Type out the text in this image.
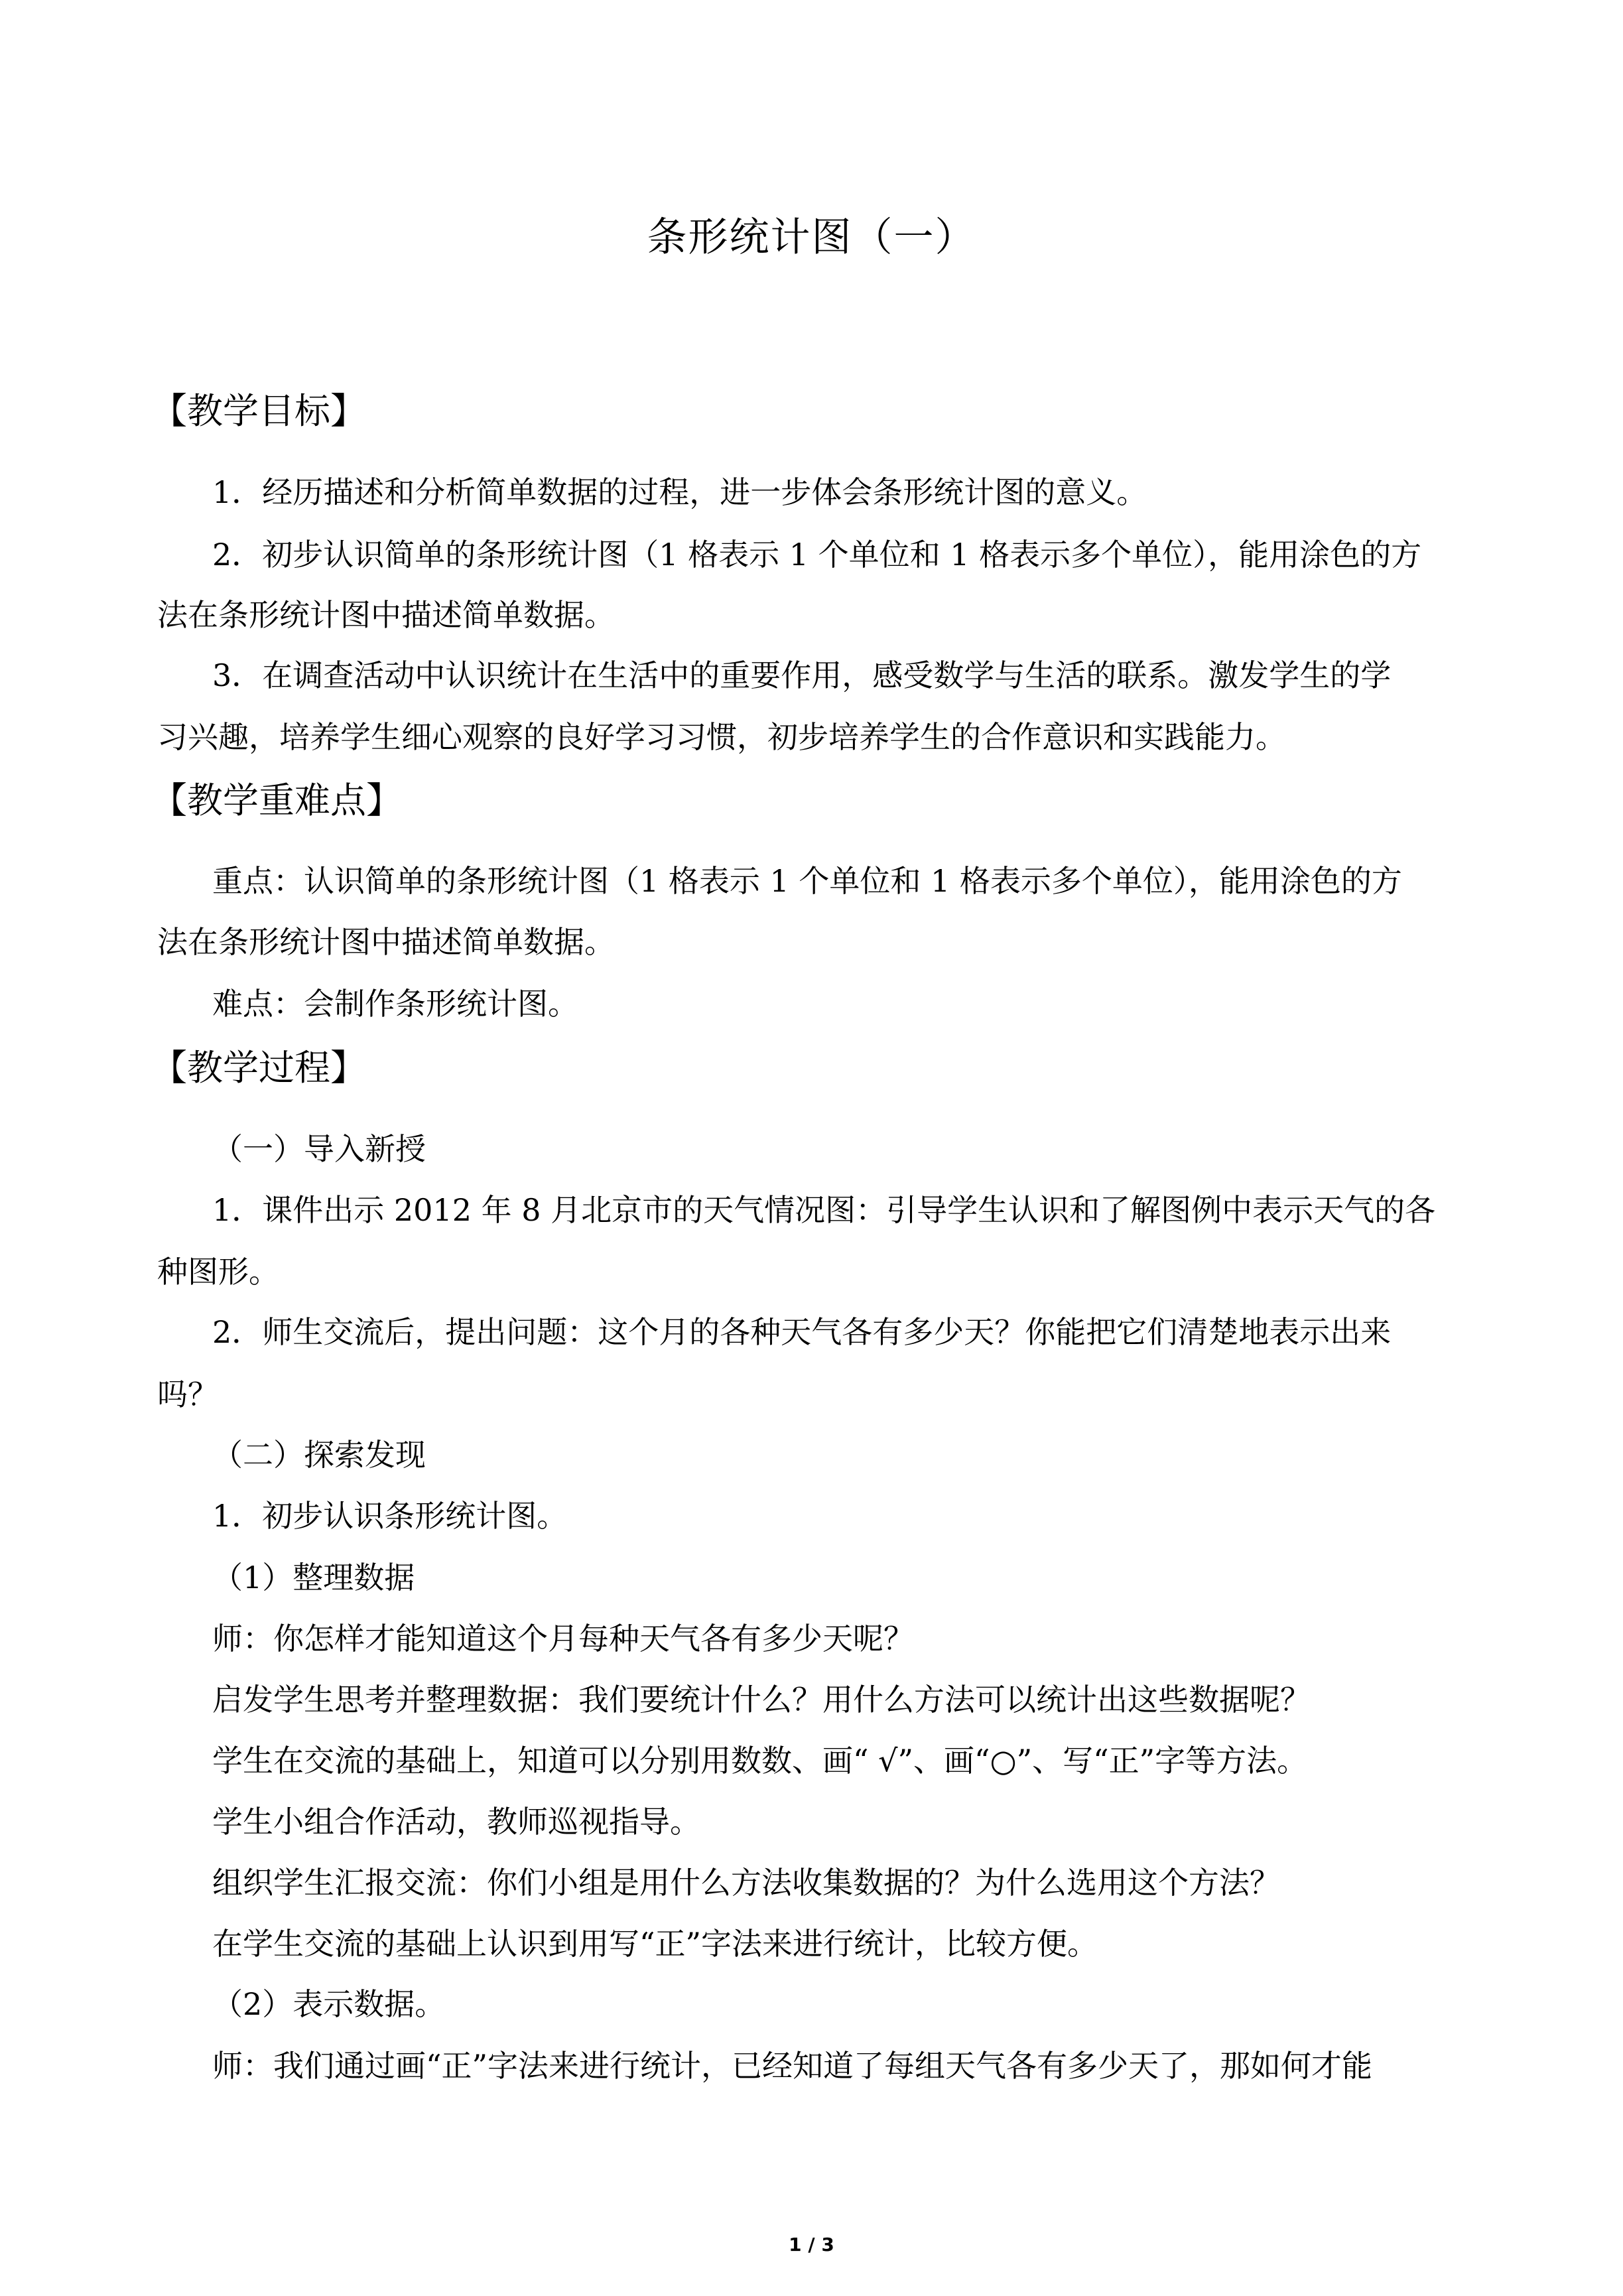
条形统计图（一）
【教学目标】
1．经历描述和分析简单数据的过程，进一步体会条形统计图的意义。
2．初步认识简单的条形统计图（1 格表示 1 个单位和 1 格表示多个单位），能用涂色的方
法在条形统计图中描述简单数据。
3．在调查活动中认识统计在生活中的重要作用，感受数学与生活的联系。激发学生的学
习兴趣，培养学生细心观察的良好学习习惯，初步培养学生的合作意识和实践能力。
【教学重难点】
重点：认识简单的条形统计图（1 格表示 1 个单位和 1 格表示多个单位），能用涂色的方
法在条形统计图中描述简单数据。
难点：会制作条形统计图。
【教学过程】
（一）导入新授
1．课件出示 2012 年 8 月北京市的天气情况图：引导学生认识和了解图例中表示天气的各
种图形。
2．师生交流后，提出问题：这个月的各种天气各有多少天？你能把它们清楚地表示出来
吗？
（二）探索发现
1．初步认识条形统计图。
（1）整理数据
师：你怎样才能知道这个月每种天气各有多少天呢？
启发学生思考并整理数据：我们要统计什么？用什么方法可以统计出这些数据呢？
学生在交流的基础上，知道可以分别用数数、画“ √”、画“○”、写“正”字等方法。
学生小组合作活动，教师巡视指导。
组织学生汇报交流：你们小组是用什么方法收集数据的？为什么选用这个方法？
在学生交流的基础上认识到用写“正”字法来进行统计，比较方便。
（2）表示数据。
师：我们通过画“正”字法来进行统计，已经知道了每组天气各有多少天了，那如何才能
1 / 3
